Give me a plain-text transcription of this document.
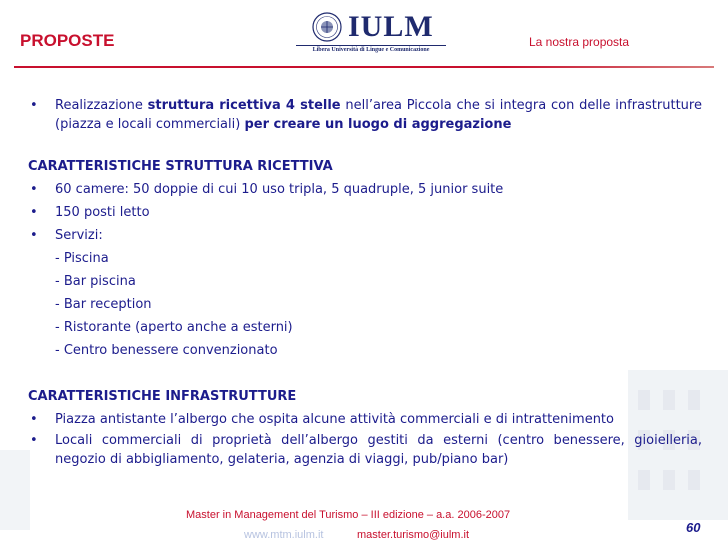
PROPOSTE	IULM
Libera Università di Lingue e Comunicazione
La nostra proposta
• Realizzazione struttura ricettiva 4 stelle nell’area Piccola che si integra con delle infrastrutture (piazza e locali commerciali) per creare un luogo di aggregazione
CARATTERISTICHE STRUTTURA RICETTIVA
• 60 camere: 50 doppie di cui 10 uso tripla, 5 quadruple, 5 junior suite
• 150 posti letto
• Servizi:
- Piscina
- Bar piscina
- Bar reception
- Ristorante (aperto anche a esterni)
- Centro benessere convenzionato
CARATTERISTICHE INFRASTRUTTURE
• Piazza antistante l’albergo che ospita alcune attività commerciali e di intrattenimento
• Locali commerciali di proprietà dell’albergo gestiti da esterni (centro benessere, gioielleria, negozio di abbigliamento, gelateria, agenzia di viaggi, pub/piano bar)
Master in Management del Turismo – III edizione – a.a. 2006-2007
www.mtm.iulm.it	master.turismo@iulm.it	60
